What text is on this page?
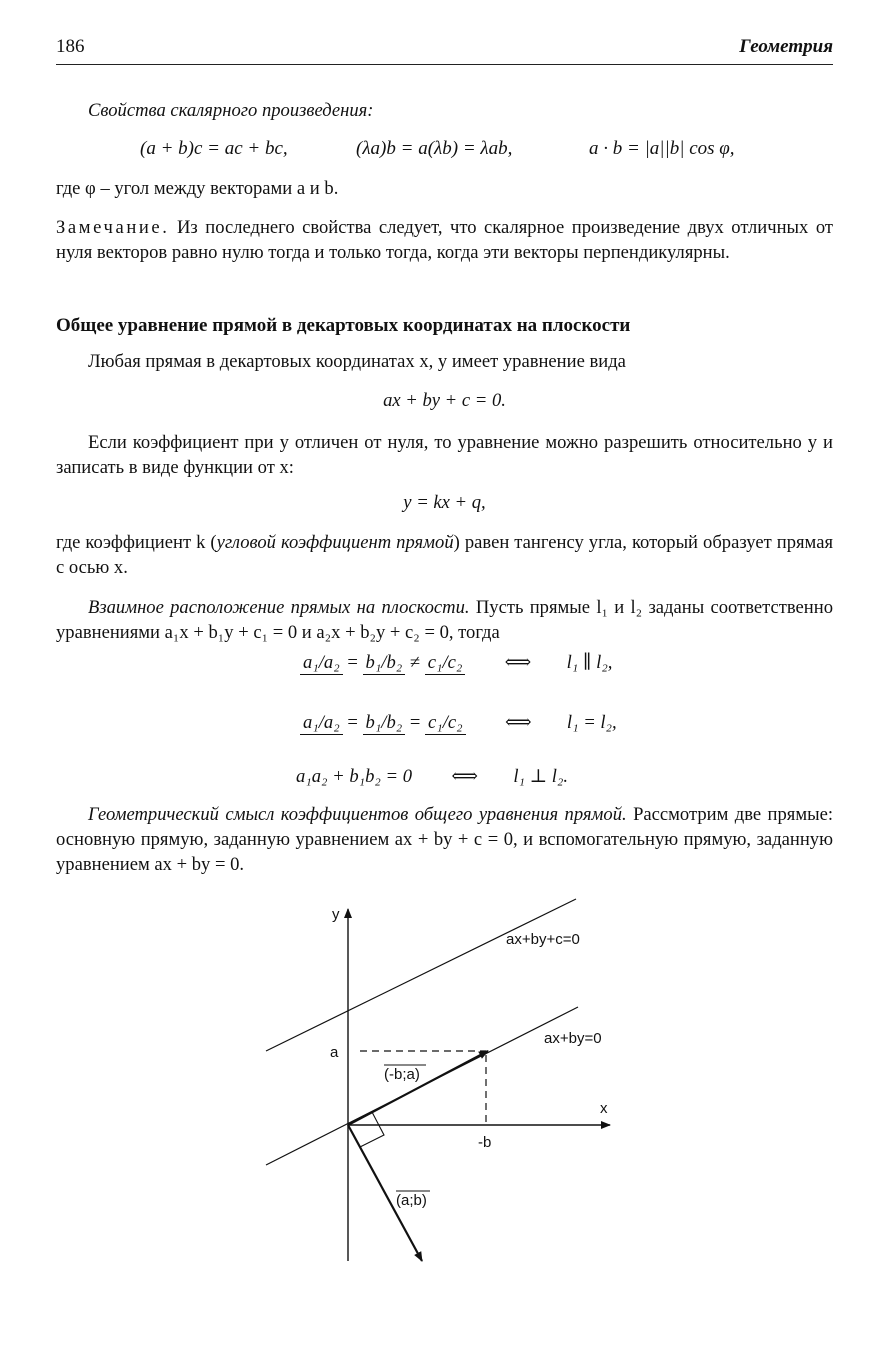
186	Геометрия
Свойства скалярного произведения:
(a + b)c = ac + bc,	(λa)b = a(λb) = λab,	a · b = |a||b| cos φ,
где φ – угол между векторами a и b.
Замечание. Из последнего свойства следует, что скалярное произведение двух отличных от нуля векторов равно нулю тогда и только тогда, когда эти векторы перпендикулярны.
Общее уравнение прямой в декартовых координатах на плоскости
Любая прямая в декартовых координатах x, y имеет уравнение вида
ax + by + c = 0.
Если коэффициент при y отличен от нуля, то уравнение можно разрешить относительно y и записать в виде функции от x:
y = kx + q,
где коэффициент k (угловой коэффициент прямой) равен тангенсу угла, который образует прямая с осью x.
Взаимное расположение прямых на плоскости. Пусть прямые l₁ и l₂ заданы соответственно уравнениями a₁x + b₁y + c₁ = 0 и a₂x + b₂y + c₂ = 0, тогда
a₁/a₂ = b₁/b₂ ≠ c₁/c₂ ⟺ l₁ ∥ l₂,
a₁/a₂ = b₁/b₂ = c₁/c₂ ⟺ l₁ = l₂,
a₁a₂ + b₁b₂ = 0 ⟺ l₁ ⊥ l₂.
Геометрический смысл коэффициентов общего уравнения прямой. Рассмотрим две прямые: основную прямую, заданную уравнением ax + by + c = 0, и вспомогательную прямую, заданную уравнением ax + by = 0.
y
x
a
-b
ax+by+c=0
ax+by=0
(-b;a)
(a;b)
